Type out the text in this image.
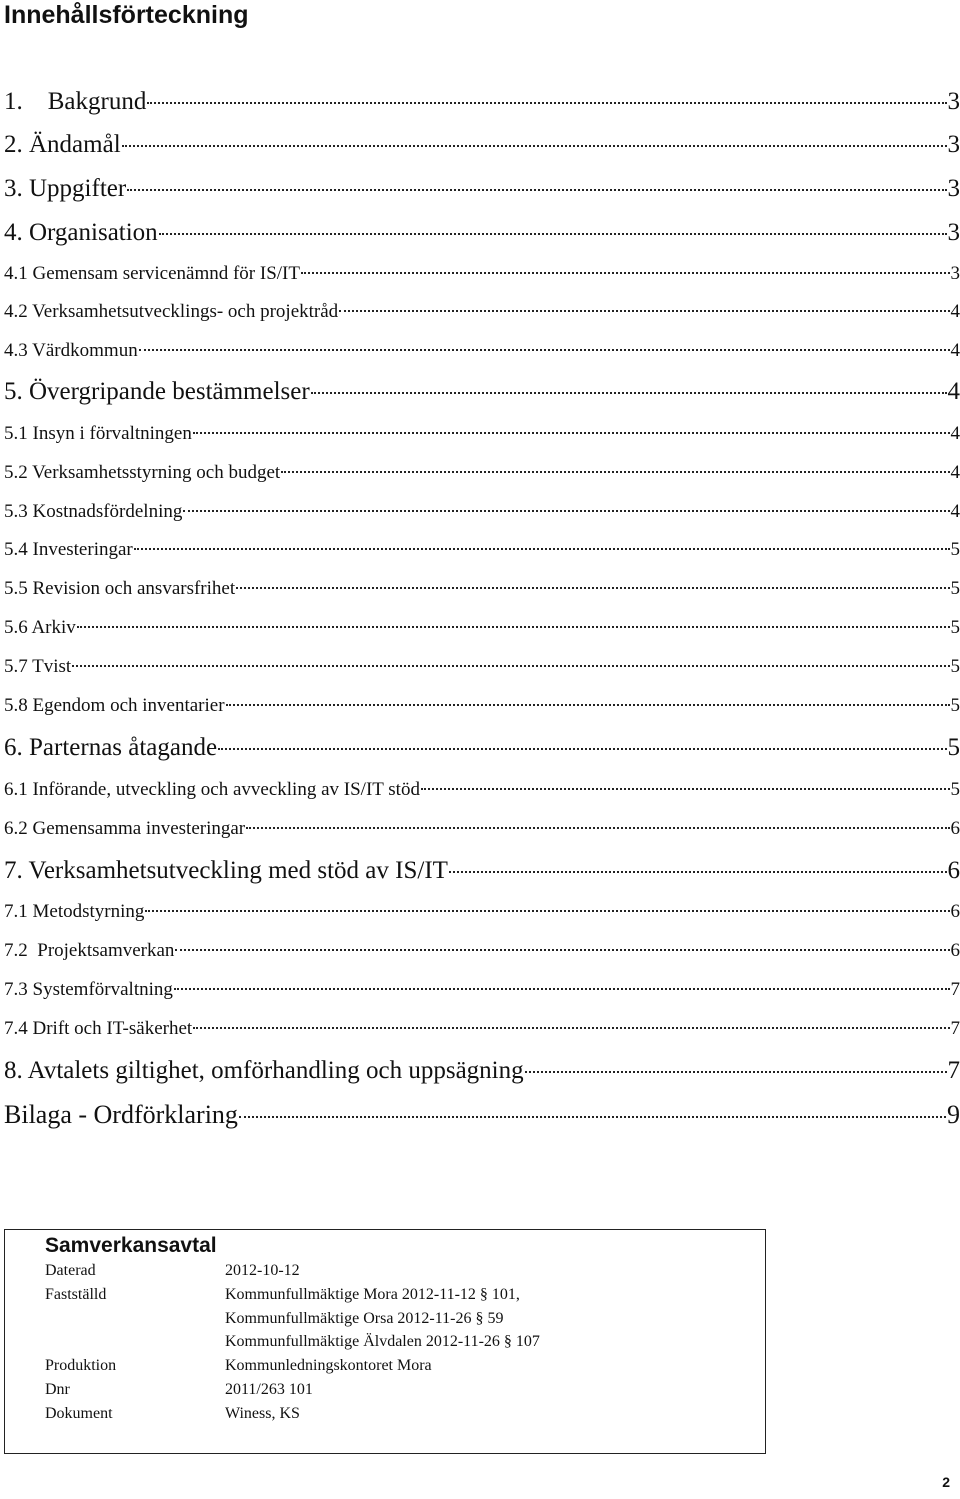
Innehållsförteckning
1.    Bakgrund	3
2. Ändamål	3
3. Uppgifter	3
4. Organisation	3
4.1 Gemensam servicenämnd för IS/IT	3
4.2 Verksamhetsutvecklings- och projektråd	4
4.3 Värdkommun	4
5. Övergripande bestämmelser	4
5.1 Insyn i förvaltningen	4
5.2 Verksamhetsstyrning och budget	4
5.3 Kostnadsfördelning	4
5.4 Investeringar	5
5.5 Revision och ansvarsfrihet	5
5.6 Arkiv	5
5.7 Tvist	5
5.8 Egendom och inventarier	5
6. Parternas åtagande	5
6.1 Införande, utveckling och avveckling av IS/IT stöd	5
6.2 Gemensamma investeringar	6
7. Verksamhetsutveckling med stöd av IS/IT	6
7.1 Metodstyrning	6
7.2  Projektsamverkan	6
7.3 Systemförvaltning	7
7.4 Drift och IT-säkerhet	7
8. Avtalets giltighet, omförhandling och uppsägning	7
Bilaga - Ordförklaring	9
Samverkansavtal
Daterad	2012-10-12
Fastställd	Kommunfullmäktige Mora 2012-11-12 § 101,
Kommunfullmäktige Orsa 2012-11-26 § 59
Kommunfullmäktige Älvdalen 2012-11-26 § 107
Produktion	Kommunledningskontoret Mora
Dnr	2011/263 101
Dokument	Winess, KS
2
